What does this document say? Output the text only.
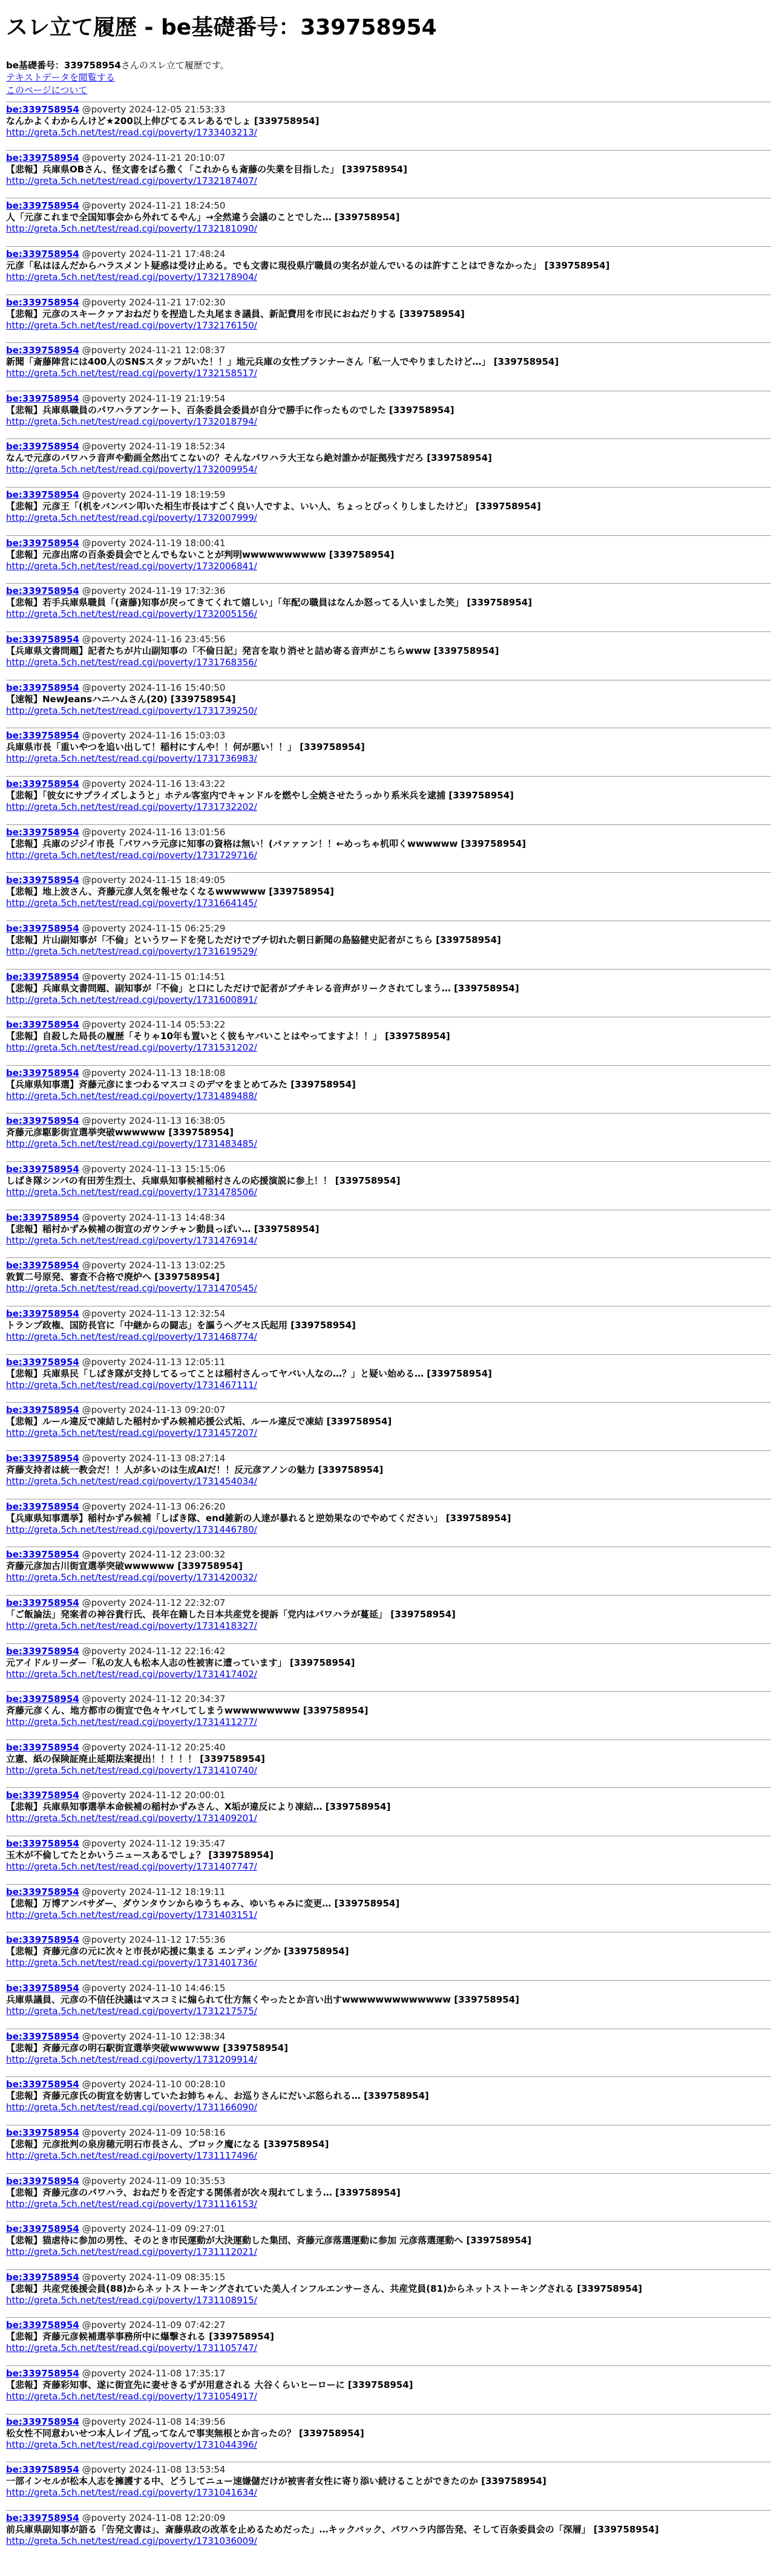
スレ立て履歴 - be基礎番号：339758954
be基礎番号：339758954さんのスレ立て履歴です。
テキストデータを閲覧する
このページについて
be:339758954 @poverty 2024-12-05 21:53:33
なんかよくわからんけど★200以上伸びてるスレあるでしょ [339758954]
http://greta.5ch.net/test/read.cgi/poverty/1733403213/
be:339758954 @poverty 2024-11-21 20:10:07
【悲報】兵庫県OBさん、怪文書をばら撒く「これからも斎藤の失業を目指した」 [339758954]
http://greta.5ch.net/test/read.cgi/poverty/1732187407/
be:339758954 @poverty 2024-11-21 18:24:50
人「元彦これまで全国知事会から外れてるやん」→全然違う会議のことでした… [339758954]
http://greta.5ch.net/test/read.cgi/poverty/1732181090/
be:339758954 @poverty 2024-11-21 17:48:24
元彦「私はほんだからハラスメント疑惑は受け止める。でも文書に現役県庁職員の実名が並んでいるのは許すことはできなかった」 [339758954]
http://greta.5ch.net/test/read.cgi/poverty/1732178904/
be:339758954 @poverty 2024-11-21 17:02:30
【悲報】元彦のスキークァアおねだりを捏造した丸尾まき議員、新記費用を市民におねだりする [339758954]
http://greta.5ch.net/test/read.cgi/poverty/1732176150/
be:339758954 @poverty 2024-11-21 12:08:37
新聞「斎藤陣営には400人のSNSスタッフがいた！！」地元兵庫の女性プランナーさん「私一人でやりましたけど…」 [339758954]
http://greta.5ch.net/test/read.cgi/poverty/1732158517/
be:339758954 @poverty 2024-11-19 21:19:54
【悲報】兵庫県職員のパワハラアンケート、百条委員会委員が自分で勝手に作ったものでした [339758954]
http://greta.5ch.net/test/read.cgi/poverty/1732018794/
be:339758954 @poverty 2024-11-19 18:52:34
なんで元彦のパワハラ音声や動画全然出てこないの？そんなパワハラ大王なら絶対誰かが証拠残すだろ [339758954]
http://greta.5ch.net/test/read.cgi/poverty/1732009954/
be:339758954 @poverty 2024-11-19 18:19:59
【悲報】元彦王「(机をバンバン叩いた相生市長はすごく良い人ですよ、いい人、ちょっとびっくりしましたけど」 [339758954]
http://greta.5ch.net/test/read.cgi/poverty/1732007999/
be:339758954 @poverty 2024-11-19 18:00:41
【悲報】元彦出席の百条委員会でとんでもないことが判明wwwwwwwwww [339758954]
http://greta.5ch.net/test/read.cgi/poverty/1732006841/
be:339758954 @poverty 2024-11-19 17:32:36
【悲報】若手兵庫県職員「(斎藤)知事が戻ってきてくれて嬉しい」「年配の職員はなんか怒ってる人いました笑」 [339758954]
http://greta.5ch.net/test/read.cgi/poverty/1732005156/
be:339758954 @poverty 2024-11-16 23:45:56
【兵庫県文書問題】記者たちが片山副知事の「不倫日記」発言を取り消せと詰め寄る音声がこちらwww [339758954]
http://greta.5ch.net/test/read.cgi/poverty/1731768356/
be:339758954 @poverty 2024-11-16 15:40:50
【速報】NewJeansハニハムさん(20) [339758954]
http://greta.5ch.net/test/read.cgi/poverty/1731739250/
be:339758954 @poverty 2024-11-16 15:03:03
兵庫県市長「重いやつを追い出して！稲村にすんや！！何が悪い！！」 [339758954]
http://greta.5ch.net/test/read.cgi/poverty/1731736983/
be:339758954 @poverty 2024-11-16 13:43:22
【悲報】「彼女にサプライズしようと」ホテル客室内でキャンドルを燃やし全焼させたうっかり系米兵を逮捕 [339758954]
http://greta.5ch.net/test/read.cgi/poverty/1731732202/
be:339758954 @poverty 2024-11-16 13:01:56
【悲報】兵庫のジジイ市長「パワハラ元彦に知事の資格は無い！(バァァァン！！←めっちゃ机叩くwwwwww [339758954]
http://greta.5ch.net/test/read.cgi/poverty/1731729716/
be:339758954 @poverty 2024-11-15 18:49:05
【悲報】地上波さん、斉藤元彦人気を報せなくなるwwwwww [339758954]
http://greta.5ch.net/test/read.cgi/poverty/1731664145/
be:339758954 @poverty 2024-11-15 06:25:29
【悲報】片山副知事が「不倫」というワードを発しただけでブチ切れた朝日新聞の島脇健史記者がこちら [339758954]
http://greta.5ch.net/test/read.cgi/poverty/1731619529/
be:339758954 @poverty 2024-11-15 01:14:51
【悲報】兵庫県文書問題、副知事が「不倫」と口にしただけで記者がブチキレる音声がリークされてしまう… [339758954]
http://greta.5ch.net/test/read.cgi/poverty/1731600891/
be:339758954 @poverty 2024-11-14 05:53:22
【悲報】自殺した局長の履歴「そりゃ10年も置いとく彼もヤバいことはやってますよ！！」 [339758954]
http://greta.5ch.net/test/read.cgi/poverty/1731531202/
be:339758954 @poverty 2024-11-13 18:18:08
【兵庫県知事選】斉藤元彦にまつわるマスコミのデマをまとめてみた [339758954]
http://greta.5ch.net/test/read.cgi/poverty/1731489488/
be:339758954 @poverty 2024-11-13 16:38:05
斉藤元彦駆影街宣選挙突破wwwwww [339758954]
http://greta.5ch.net/test/read.cgi/poverty/1731483485/
be:339758954 @poverty 2024-11-13 15:15:06
しばき隊シンパの有田芳生烈士、兵庫県知事候補稲村さんの応援演説に参上！！ [339758954]
http://greta.5ch.net/test/read.cgi/poverty/1731478506/
be:339758954 @poverty 2024-11-13 14:48:34
【悲報】稲村かずみ候補の街宣のガウンチャン動員っぽい… [339758954]
http://greta.5ch.net/test/read.cgi/poverty/1731476914/
be:339758954 @poverty 2024-11-13 13:02:25
敦賀二号原発、審査不合格で廃炉へ [339758954]
http://greta.5ch.net/test/read.cgi/poverty/1731470545/
be:339758954 @poverty 2024-11-13 12:32:54
トランプ政権、国防長官に「中継からの闘志」を謳うヘグセス氏起用 [339758954]
http://greta.5ch.net/test/read.cgi/poverty/1731468774/
be:339758954 @poverty 2024-11-13 12:05:11
【悲報】兵庫県民「しばき隊が支持してるってことは稲村さんってヤバい人なの…？」と疑い始める… [339758954]
http://greta.5ch.net/test/read.cgi/poverty/1731467111/
be:339758954 @poverty 2024-11-13 09:20:07
【悲報】ルール違反で凍結した稲村かずみ候補応援公式垢、ルール違反で凍結 [339758954]
http://greta.5ch.net/test/read.cgi/poverty/1731457207/
be:339758954 @poverty 2024-11-13 08:27:14
斉藤支持者は統一教会だ！！人が多いのは生成AIだ！！反元彦アノンの魅力 [339758954]
http://greta.5ch.net/test/read.cgi/poverty/1731454034/
be:339758954 @poverty 2024-11-13 06:26:20
【兵庫県知事選挙】稲村かずみ候補「しばき隊、end雑新の人達が暴れると逆効果なのでやめてください」 [339758954]
http://greta.5ch.net/test/read.cgi/poverty/1731446780/
be:339758954 @poverty 2024-11-12 23:00:32
斉藤元彦加古川街宣選挙突破wwwwww [339758954]
http://greta.5ch.net/test/read.cgi/poverty/1731420032/
be:339758954 @poverty 2024-11-12 22:32:07
「ご飯論法」発案者の神谷貴行氏、長年在籍した日本共産党を提訴「党内はパワハラが蔓延」 [339758954]
http://greta.5ch.net/test/read.cgi/poverty/1731418327/
be:339758954 @poverty 2024-11-12 22:16:42
元アイドルリーダー「私の友人も松本人志の性被害に遭っています」 [339758954]
http://greta.5ch.net/test/read.cgi/poverty/1731417402/
be:339758954 @poverty 2024-11-12 20:34:37
斉藤元彦くん、地方都市の街宣で色々ヤバしてしまうwwwwwwwww [339758954]
http://greta.5ch.net/test/read.cgi/poverty/1731411277/
be:339758954 @poverty 2024-11-12 20:25:40
立憲、紙の保険証廃止延期法案提出！！！！！ [339758954]
http://greta.5ch.net/test/read.cgi/poverty/1731410740/
be:339758954 @poverty 2024-11-12 20:00:01
【悲報】兵庫県知事選挙本命候補の稲村かずみさん、X垢が違反により凍結… [339758954]
http://greta.5ch.net/test/read.cgi/poverty/1731409201/
be:339758954 @poverty 2024-11-12 19:35:47
玉木が不倫してたとかいうニュースあるでしょ？ [339758954]
http://greta.5ch.net/test/read.cgi/poverty/1731407747/
be:339758954 @poverty 2024-11-12 18:19:11
【悲報】万博アンバサダー、ダウンタウンからゆうちゃみ、ゆいちゃみに変更… [339758954]
http://greta.5ch.net/test/read.cgi/poverty/1731403151/
be:339758954 @poverty 2024-11-12 17:55:36
【悲報】斉藤元彦の元に次々と市長が応援に集まる エンディングか [339758954]
http://greta.5ch.net/test/read.cgi/poverty/1731401736/
be:339758954 @poverty 2024-11-10 14:46:15
兵庫県議員、元彦の不信任決議はマスコミに煽られて仕方無くやったとか言い出すwwwwwwwwwwwww [339758954]
http://greta.5ch.net/test/read.cgi/poverty/1731217575/
be:339758954 @poverty 2024-11-10 12:38:34
【悲報】斉藤元彦の明石駅街宣選挙突破wwwwww [339758954]
http://greta.5ch.net/test/read.cgi/poverty/1731209914/
be:339758954 @poverty 2024-11-10 00:28:10
【悲報】斉藤元彦氏の街宣を妨害していたお姉ちゃん、お巡りさんにだいぶ怒られる… [339758954]
http://greta.5ch.net/test/read.cgi/poverty/1731166090/
be:339758954 @poverty 2024-11-09 10:58:16
【悲報】元彦批判の泉房穂元明石市長さん、ブロック魔になる [339758954]
http://greta.5ch.net/test/read.cgi/poverty/1731117496/
be:339758954 @poverty 2024-11-09 10:35:53
【悲報】斉藤元彦のパワハラ、おねだりを否定する関係者が次々現れてしまう… [339758954]
http://greta.5ch.net/test/read.cgi/poverty/1731116153/
be:339758954 @poverty 2024-11-09 09:27:01
【悲報】猫虐待に参加の男性、そのとき市民運動が大決運動した集団、斉藤元彦落選運動に参加 元彦落選運動へ [339758954]
http://greta.5ch.net/test/read.cgi/poverty/1731112021/
be:339758954 @poverty 2024-11-09 08:35:15
【悲報】共産党後援会員(88)からネットストーキングされていた美人インフルエンサーさん、共産党員(81)からネットストーキングされる [339758954]
http://greta.5ch.net/test/read.cgi/poverty/1731108915/
be:339758954 @poverty 2024-11-09 07:42:27
【悲報】斉藤元彦候補選挙事務所中に爆撃される [339758954]
http://greta.5ch.net/test/read.cgi/poverty/1731105747/
be:339758954 @poverty 2024-11-08 17:35:17
【悲報】斉藤彩知事、遂に街宣先に妻せきるずが用意される 大谷くらいヒーローに [339758954]
http://greta.5ch.net/test/read.cgi/poverty/1731054917/
be:339758954 @poverty 2024-11-08 14:39:56
松女性不同意わいせつ本人レイプ乱ってなんで事実無根とか言ったの？ [339758954]
http://greta.5ch.net/test/read.cgi/poverty/1731044396/
be:339758954 @poverty 2024-11-08 13:53:54
一部インセルが松本人志を擁護する中、どうしてニュー速嫌儲だけが被害者女性に寄り添い続けることができたのか [339758954]
http://greta.5ch.net/test/read.cgi/poverty/1731041634/
be:339758954 @poverty 2024-11-08 12:20:09
前兵庫県副知事が語る「告発文書は」、斎藤県政の改革を止めるためだった」…キックバック、パワハラ内部告発、そして百条委員会の「深層」 [339758954]
http://greta.5ch.net/test/read.cgi/poverty/1731036009/
